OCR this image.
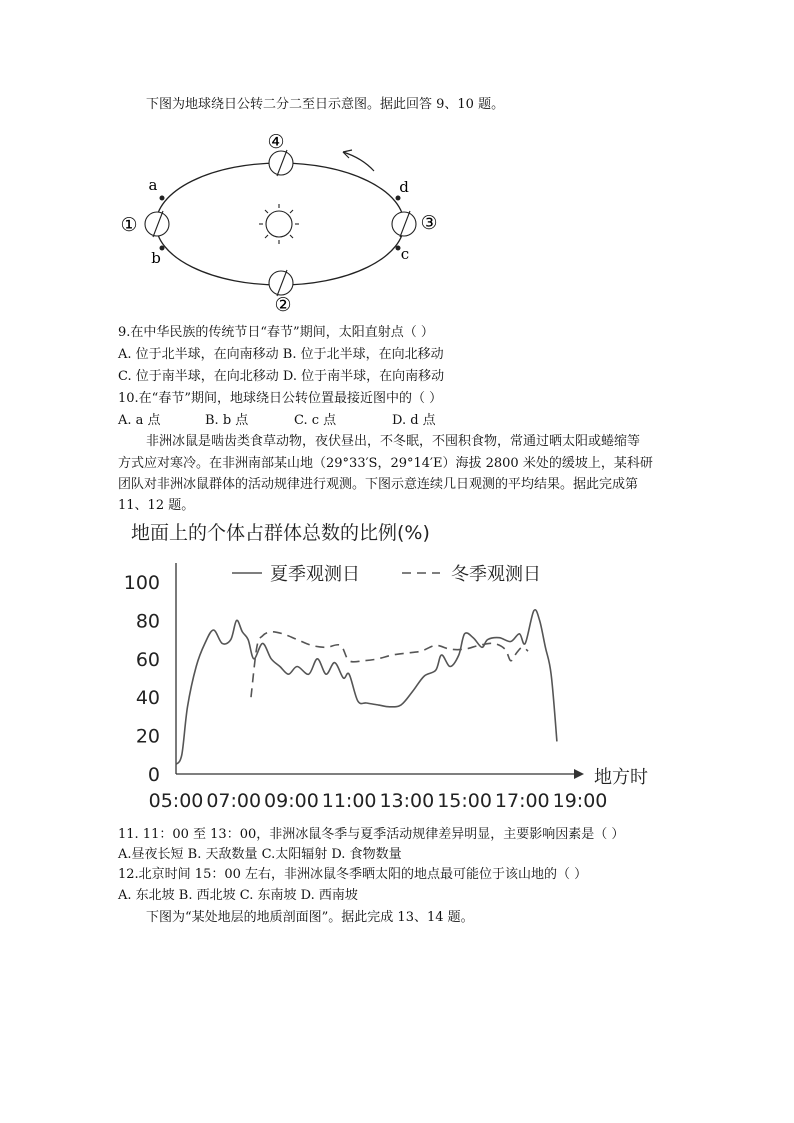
下图为地球绕日公转二分二至日示意图。据此回答 9、10 题。
④
②
①	③
a
b	c
d
9.在中华民族的传统节日“春节”期间，太阳直射点（ ）
A. 位于北半球，在向南移动 B. 位于北半球，在向北移动
C. 位于南半球，在向北移动 D. 位于南半球，在向南移动
10.在“春节”期间，地球绕日公转位置最接近图中的（ ）
A. a 点	B. b 点	C. c 点	D. d 点
非洲冰鼠是啮齿类食草动物，夜伏昼出，不冬眠，不囤积食物，常通过晒太阳或蜷缩等
方式应对寒冷。在非洲南部某山地（29°33′S，29°14′E）海拔 2800 米处的缓坡上，某科研
团队对非洲冰鼠群体的活动规律进行观测。下图示意连续几日观测的平均结果。据此完成第
11、12 题。
地面上的个体占群体总数的比例(%)
0
20
40
60
80
100
05:00 07:00 09:00 11:00 13:00 15:00 17:00 19:00
夏季观测日	冬季观测日
地方时
11. 11：00 至 13：00，非洲冰鼠冬季与夏季活动规律差异明显，主要影响因素是（ ）
A.昼夜长短 B. 天敌数量 C.太阳辐射 D. 食物数量
12.北京时间 15：00 左右，非洲冰鼠冬季晒太阳的地点最可能位于该山地的（ ）
A. 东北坡 B. 西北坡 C. 东南坡 D. 西南坡
下图为“某处地层的地质剖面图”。据此完成 13、14 题。
